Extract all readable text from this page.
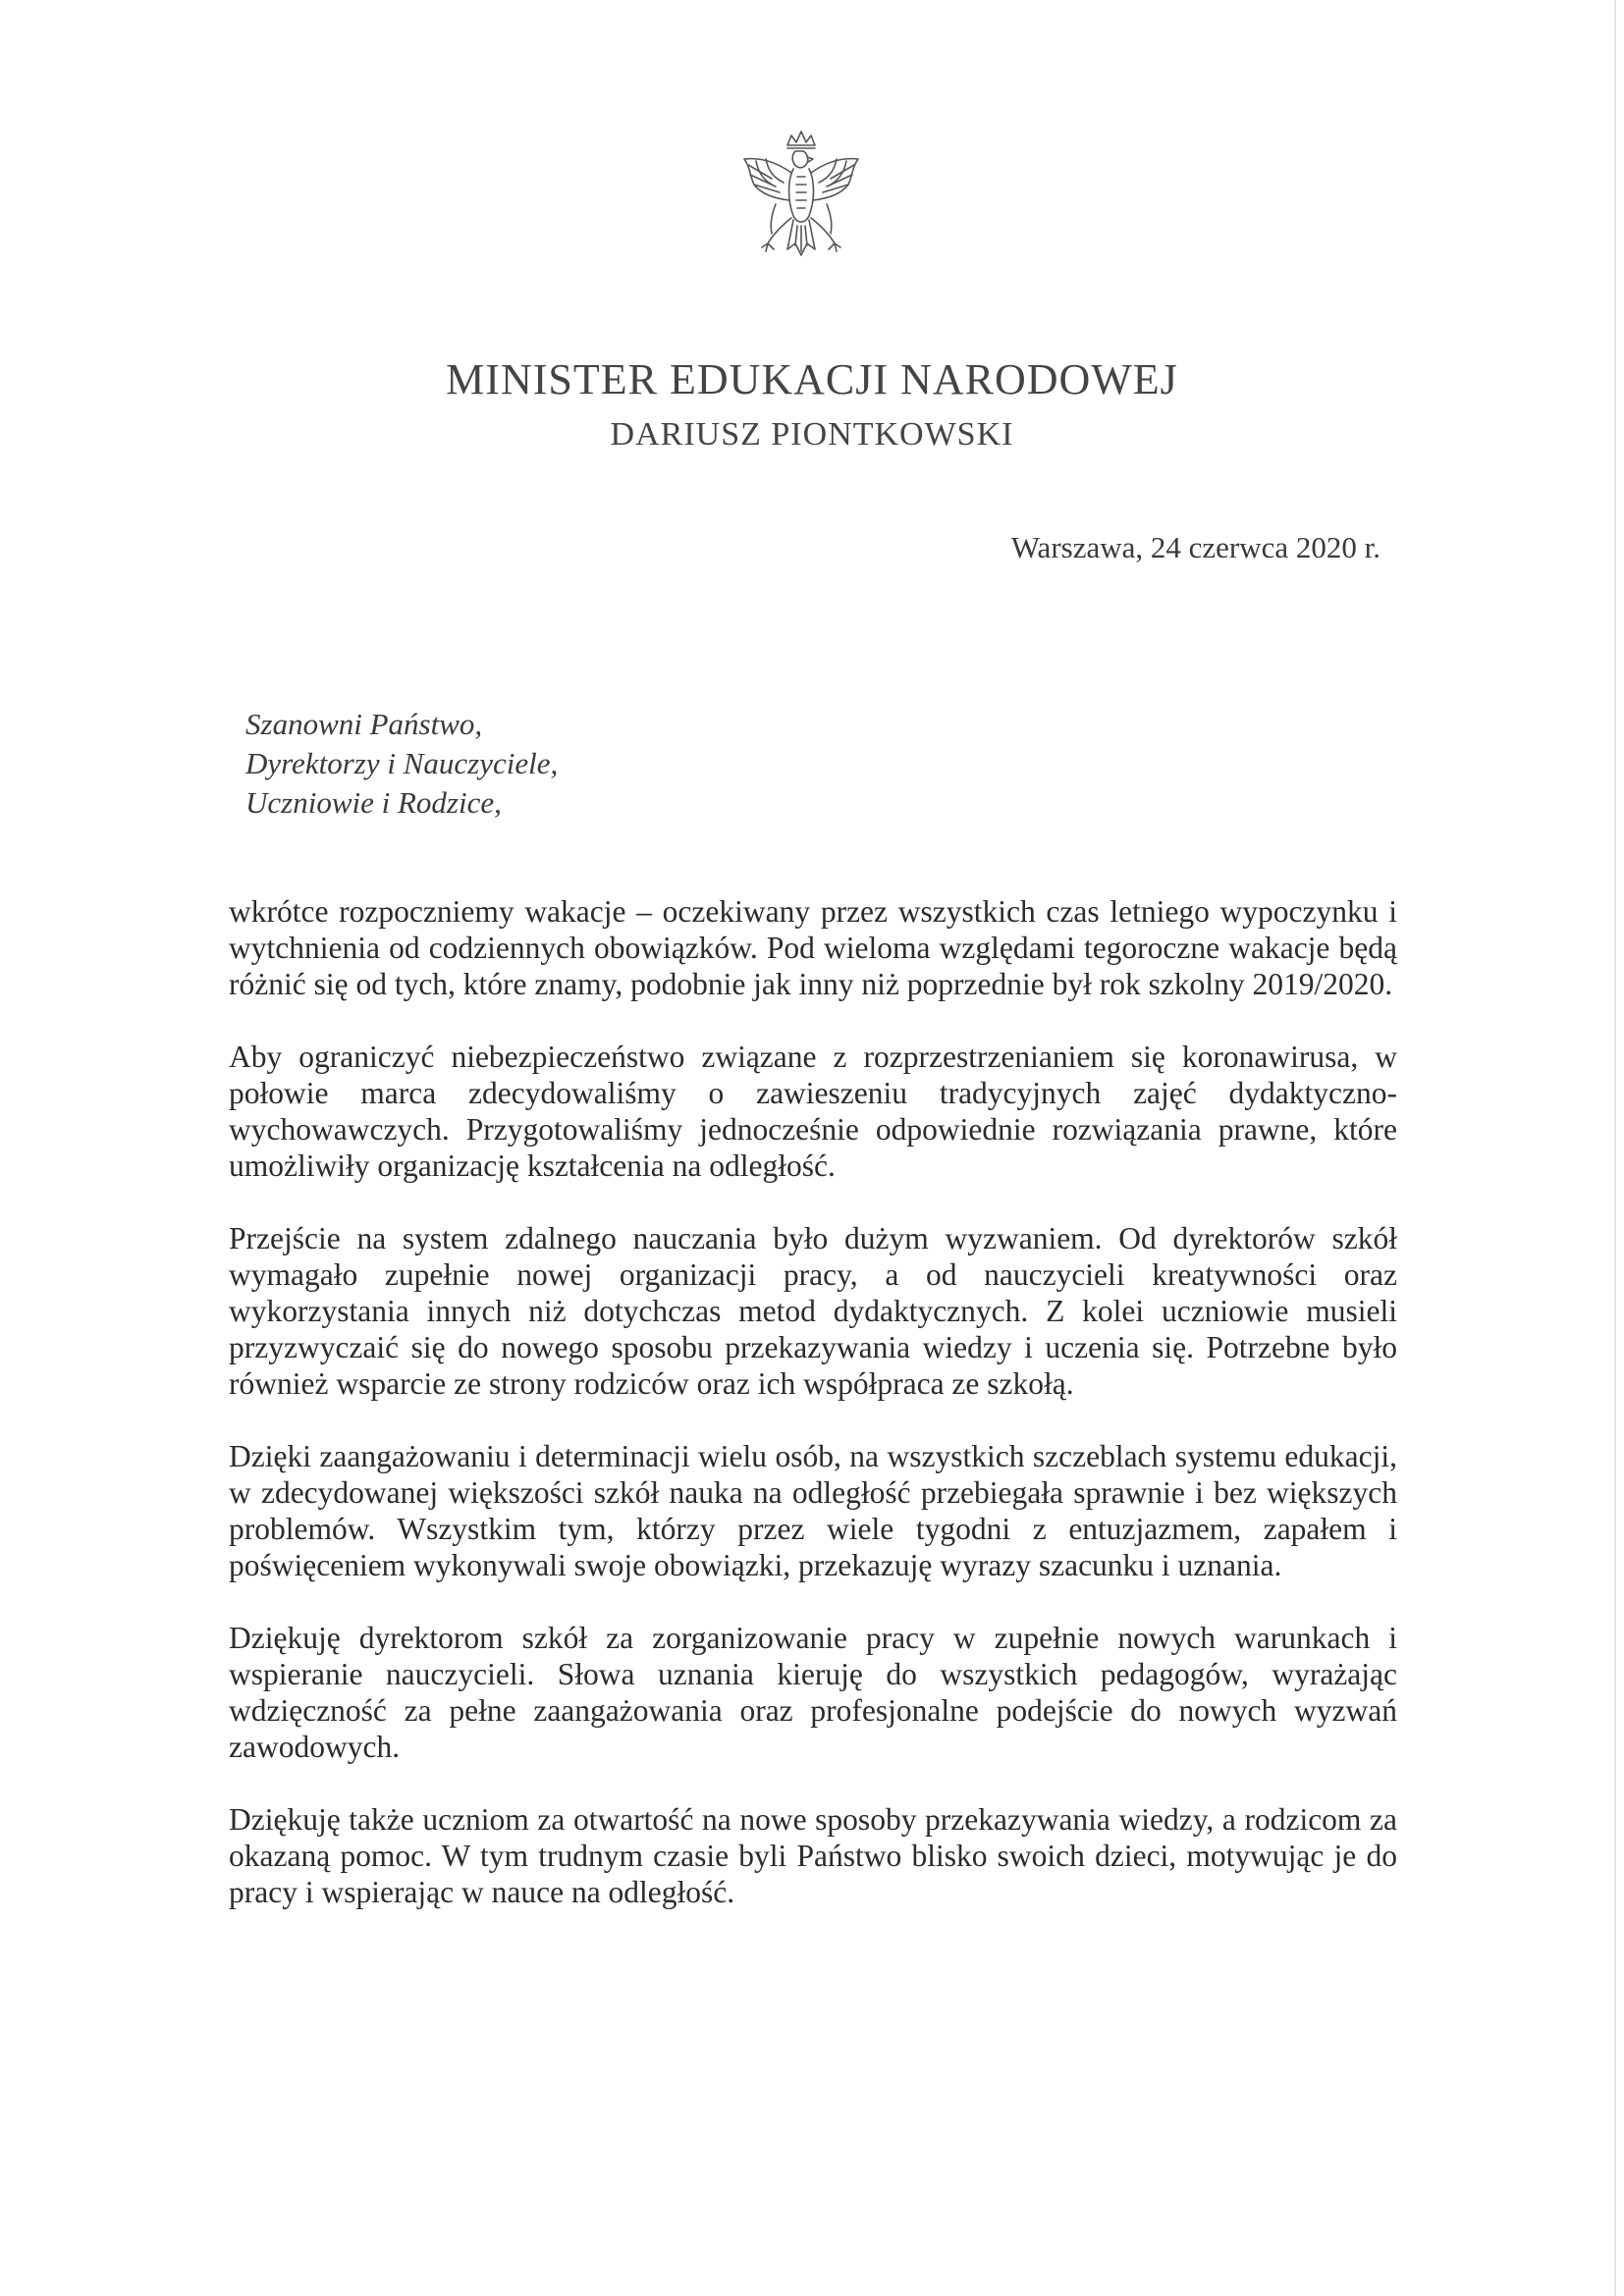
MINISTER EDUKACJI NARODOWEJ
DARIUSZ PIONTKOWSKI
Warszawa, 24 czerwca 2020 r.
Szanowni Państwo,
Dyrektorzy i Nauczyciele,
Uczniowie i Rodzice,

wkrótce rozpoczniemy wakacje – oczekiwany przez wszystkich czas letniego wypoczynku i wytchnienia od codziennych obowiązków. Pod wieloma względami tegoroczne wakacje będą różnić się od tych, które znamy, podobnie jak inny niż poprzednie był rok szkolny 2019/2020.

Aby ograniczyć niebezpieczeństwo związane z rozprzestrzenianiem się koronawirusa, w połowie marca zdecydowaliśmy o zawieszeniu tradycyjnych zajęć dydaktyczno-wychowawczych. Przygotowaliśmy jednocześnie odpowiednie rozwiązania prawne, które umożliwiły organizację kształcenia na odległość.

Przejście na system zdalnego nauczania było dużym wyzwaniem. Od dyrektorów szkół wymagało zupełnie nowej organizacji pracy, a od nauczycieli kreatywności oraz wykorzystania innych niż dotychczas metod dydaktycznych. Z kolei uczniowie musieli przyzwyczaić się do nowego sposobu przekazywania wiedzy i uczenia się. Potrzebne było również wsparcie ze strony rodziców oraz ich współpraca ze szkołą.

Dzięki zaangażowaniu i determinacji wielu osób, na wszystkich szczeblach systemu edukacji, w zdecydowanej większości szkół nauka na odległość przebiegała sprawnie i bez większych problemów. Wszystkim tym, którzy przez wiele tygodni z entuzjazmem, zapałem i poświęceniem wykonywali swoje obowiązki, przekazuję wyrazy szacunku i uznania.

Dziękuję dyrektorom szkół za zorganizowanie pracy w zupełnie nowych warunkach i wspieranie nauczycieli. Słowa uznania kieruję do wszystkich pedagogów, wyrażając wdzięczność za pełne zaangażowania oraz profesjonalne podejście do nowych wyzwań zawodowych.

Dziękuję także uczniom za otwartość na nowe sposoby przekazywania wiedzy, a rodzicom za okazaną pomoc. W tym trudnym czasie byli Państwo blisko swoich dzieci, motywując je do pracy i wspierając w nauce na odległość.
